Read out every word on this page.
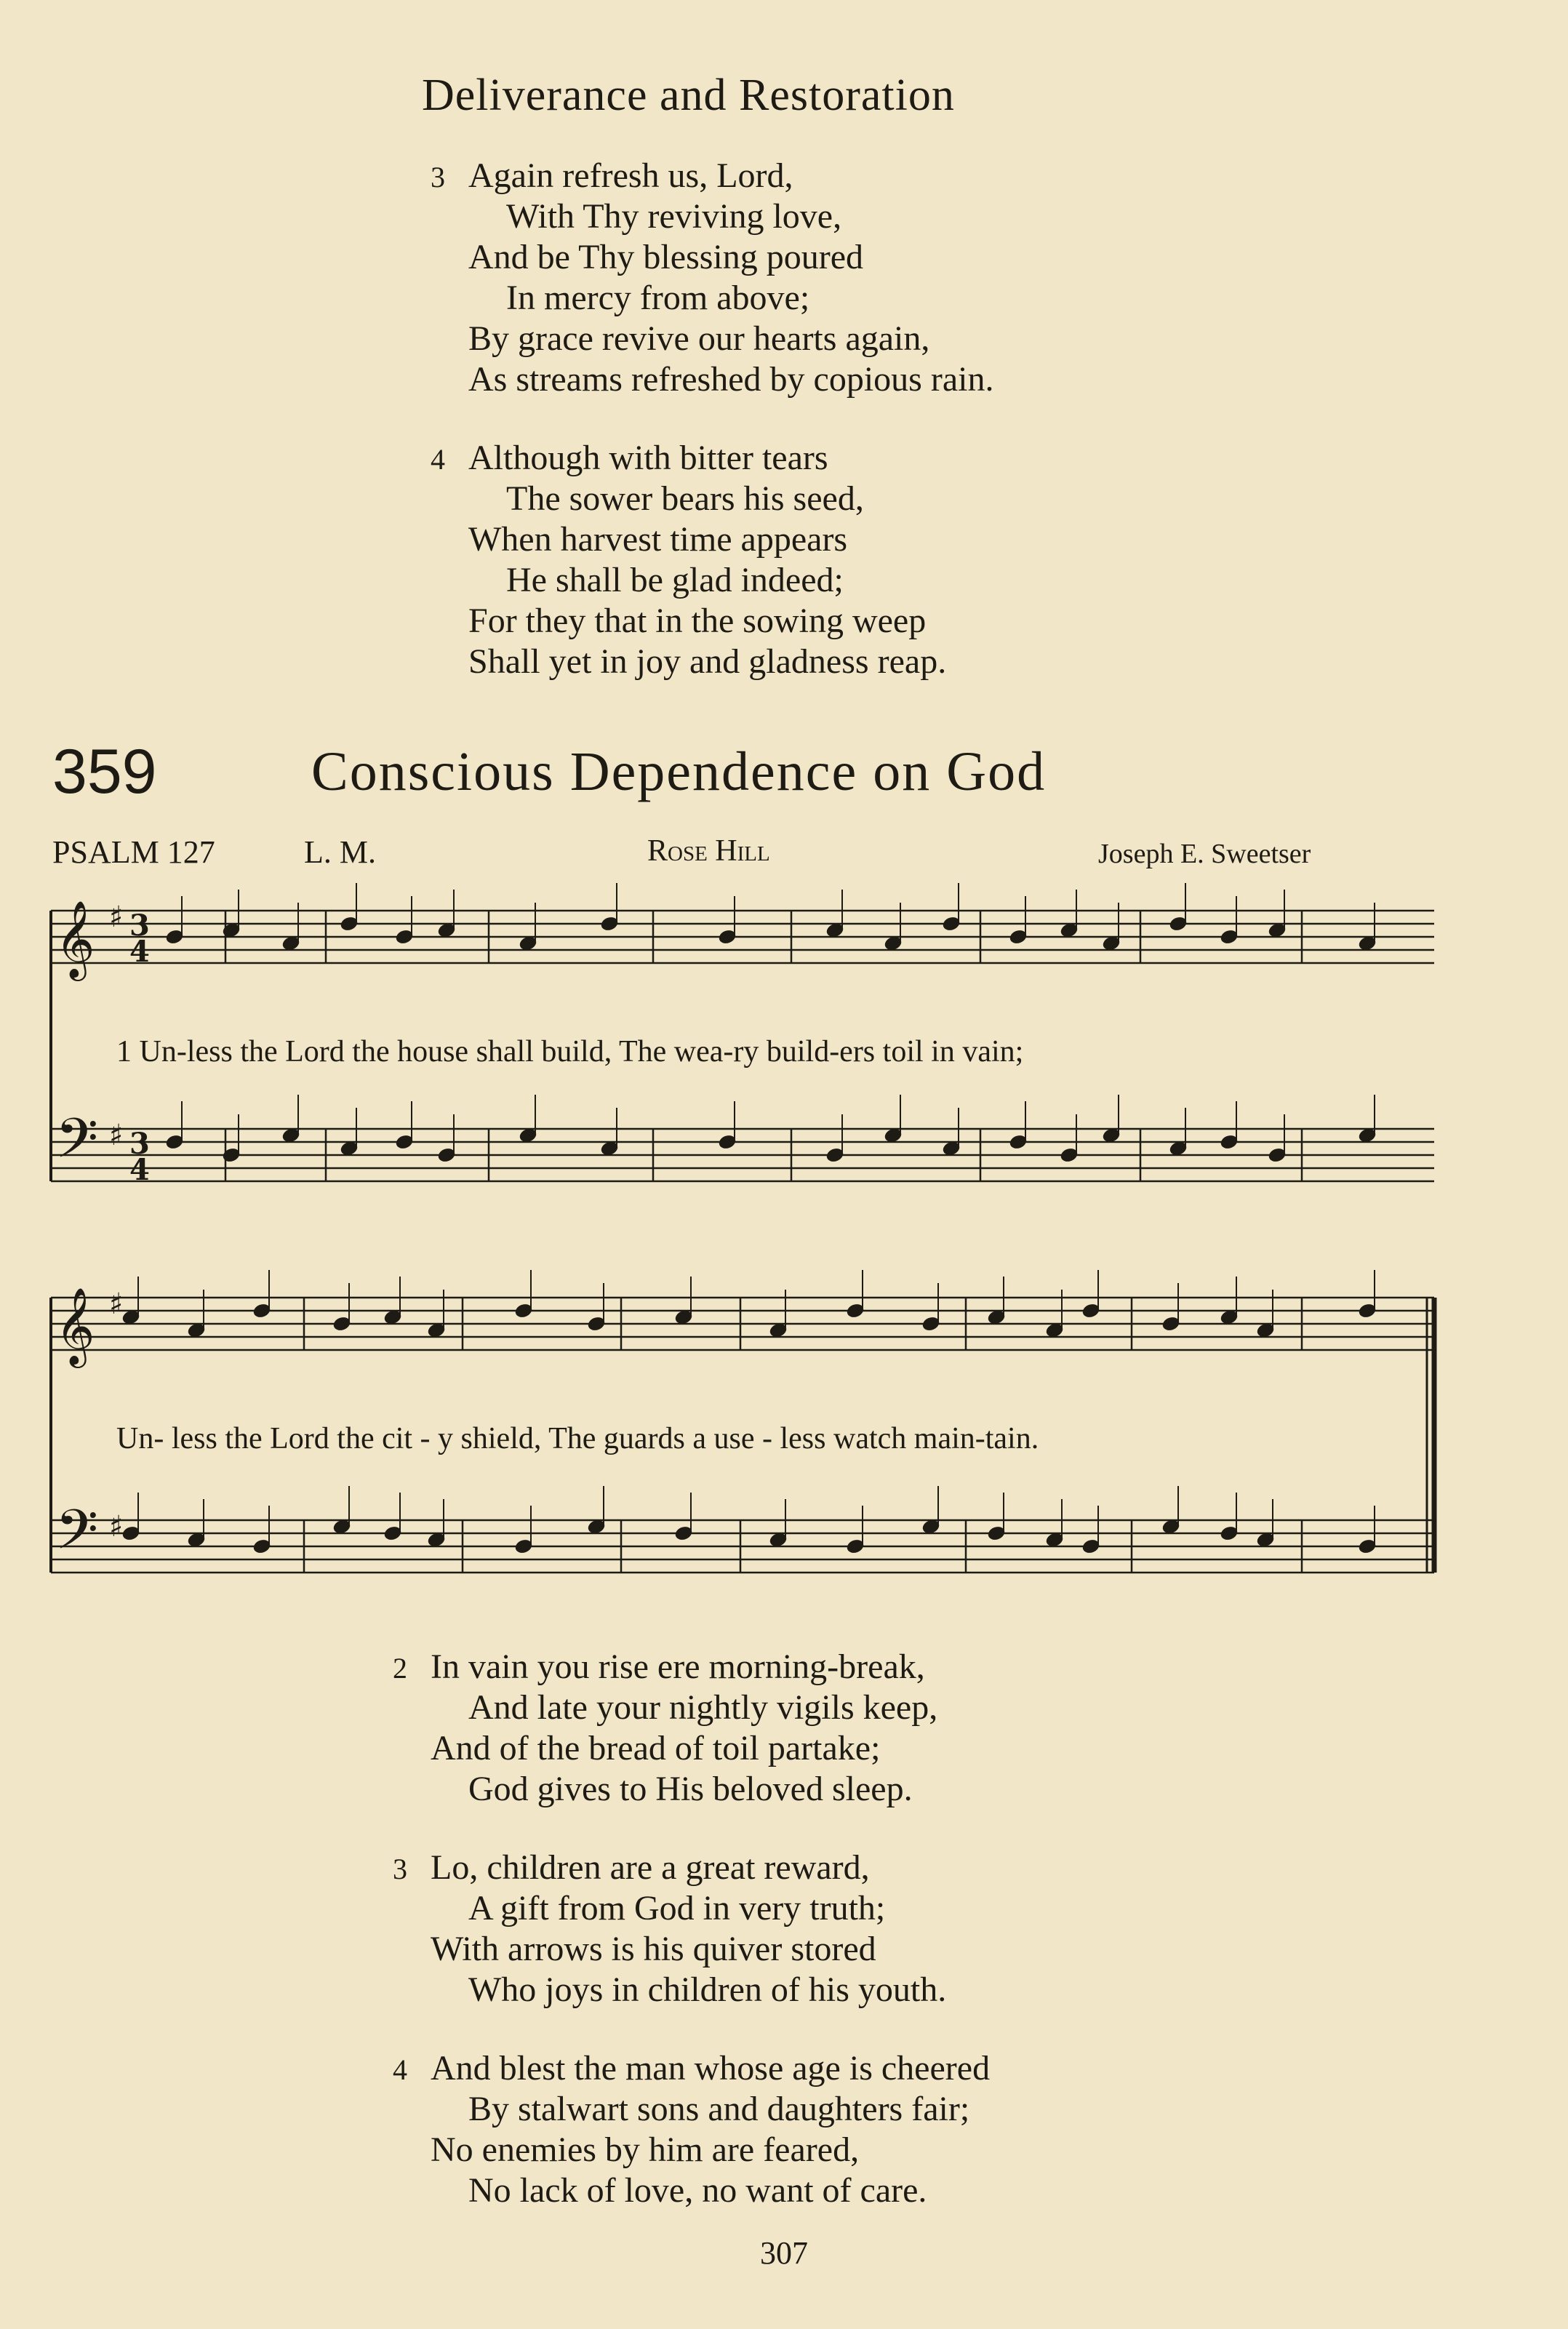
Deliverance and Restoration
3 Again refresh us, Lord,
With Thy reviving love,
And be Thy blessing poured
In mercy from above;
By grace revive our hearts again,
As streams refreshed by copious rain.
4 Although with bitter tears
The sower bears his seed,
When harvest time appears
He shall be glad indeed;
For they that in the sowing weep
Shall yet in joy and gladness reap.
359	Conscious Dependence on God
PSALM 127	L. M.	Rose Hill	Joseph E. Sweetser
𝄞
𝄢
𝄞
𝄢
♯
♯
♯
♯
3
4
3
4
1 Un-less the Lord the house shall build, The wea-ry build-ers toil in vain;
Un- less the Lord the cit - y shield, The guards a use - less watch main-tain.
2 In vain you rise ere morning-break,
And late your nightly vigils keep,
And of the bread of toil partake;
God gives to His beloved sleep.
3 Lo, children are a great reward,
A gift from God in very truth;
With arrows is his quiver stored
Who joys in children of his youth.
4 And blest the man whose age is cheered
By stalwart sons and daughters fair;
No enemies by him are feared,
No lack of love, no want of care.
307
